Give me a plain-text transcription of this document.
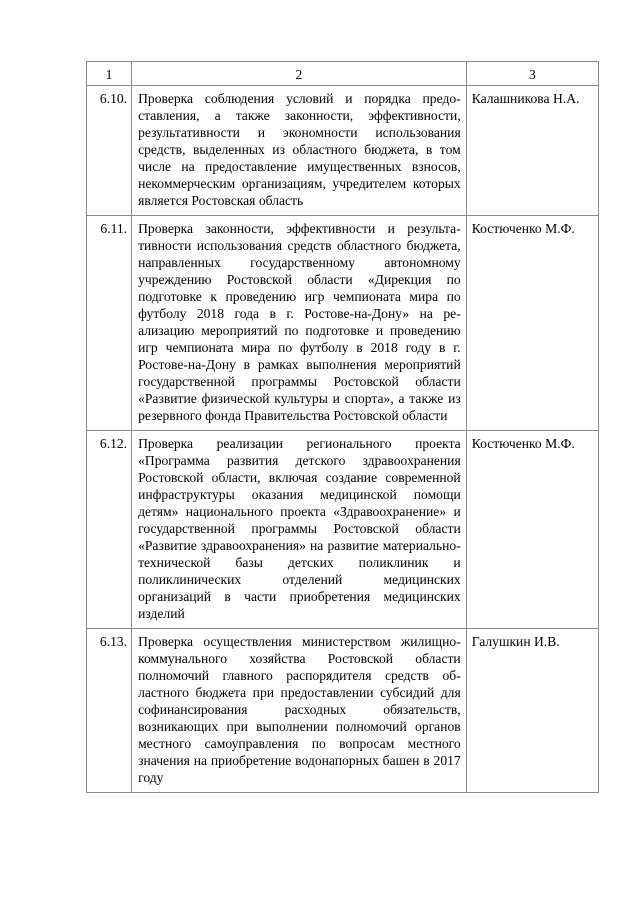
1	2	3
6.10.	Проверка соблюдения условий и порядка предоставления, а также законности, эффективности, результативности и экономности использования средств, выделенных из областного бюджета, в том числе на предоставление имущественных взносов, некоммерческим организациям, учредителем которых является Ростовская область	Калашникова Н.А.
6.11.	Проверка законности, эффективности и результативности использования средств областного бюджета, направленных государственному автономному учреждению Ростовской области «Дирекция по подготовке к проведению игр чемпионата мира по футболу 2018 года в г. Ростове-на-Дону» на реализацию мероприятий по подготовке и проведению игр чемпионата мира по футболу в 2018 году в г. Ростове-на-Дону в рамках выполнения мероприятий государственной программы Ростовской области «Развитие физической культуры и спорта», а также из резервного фонда Правительства Ростовской области	Костюченко М.Ф.
6.12.	Проверка реализации регионального проекта «Программа развития детского здравоохранения Ростовской области, включая создание современной инфраструктуры оказания медицинской помощи детям» национального проекта «Здравоохранение» и государственной программы Ростовской области «Развитие здравоохранения» на развитие материально-технической базы детских поликлиник и поликлинических отделений медицинских организаций в части приобретения медицинских изделий	Костюченко М.Ф.
6.13.	Проверка осуществления министерством жилищно-коммунального хозяйства Ростовской области полномочий главного распорядителя средств областного бюджета при предоставлении субсидий для софинансирования расходных обязательств, возникающих при выполнении полномочий органов местного самоуправления по вопросам местного значения на приобретение водонапорных башен в 2017 году	Галушкин И.В.
